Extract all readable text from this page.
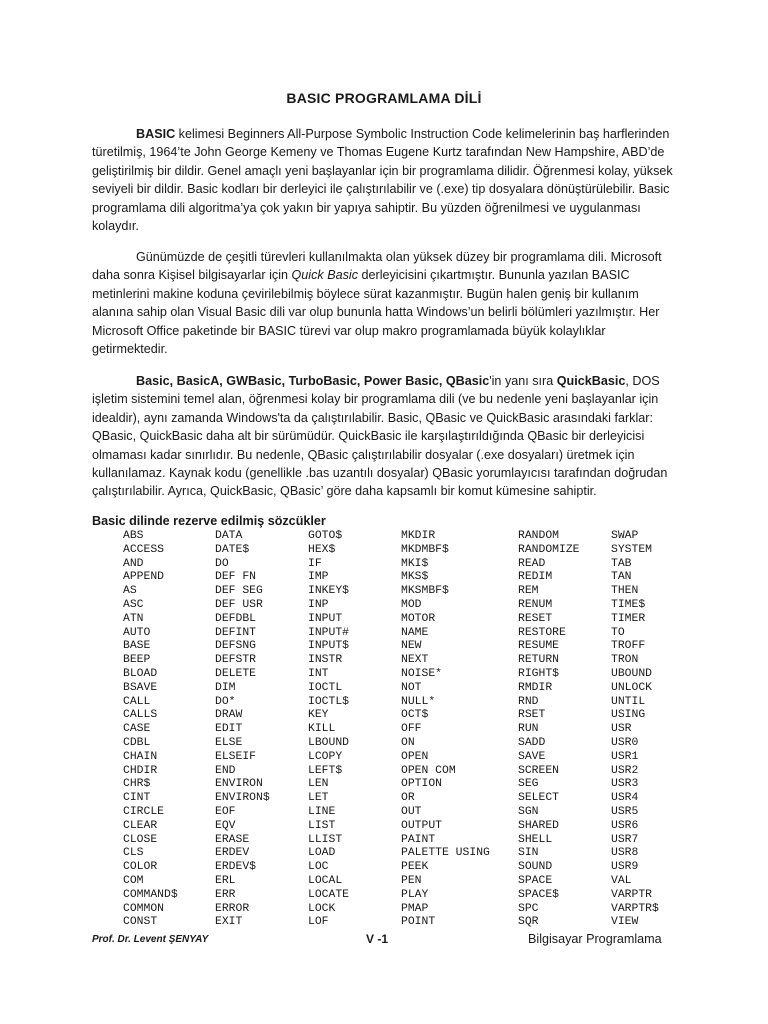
BASIC PROGRAMLAMA DİLİ

BASIC kelimesi Beginners All-Purpose Symbolic Instruction Code kelimelerinin baş harflerinden türetilmiş, 1964’te John George Kemeny ve Thomas Eugene Kurtz tarafından New Hampshire, ABD’de geliştirilmiş bir dildir. Genel amaçlı yeni başlayanlar için bir programlama dilidir. Öğrenmesi kolay, yüksek seviyeli bir dildir. Basic kodları bir derleyici ile çalıştırılabilir ve (.exe) tip dosyalara dönüştürülebilir. Basic programlama dili algoritma’ya çok yakın bir yapıya sahiptir. Bu yüzden öğrenilmesi ve uygulanması kolaydır.

Günümüzde de çeşitli türevleri kullanılmakta olan yüksek düzey bir programlama dili. Microsoft daha sonra Kişisel bilgisayarlar için Quick Basic derleyicisini çıkartmıştır. Bununla yazılan BASIC metinlerini makine koduna çevirilebilmiş böylece sürat kazanmıştır. Bugün halen geniş bir kullanım alanına sahip olan Visual Basic dili var olup bununla hatta Windows’un belirli bölümleri yazılmıştır. Her Microsoft Office paketinde bir BASIC türevi var olup makro programlamada büyük kolaylıklar getirmektedir.

Basic, BasicA, GWBasic, TurboBasic, Power Basic, QBasic'in yanı sıra QuickBasic, DOS işletim sistemini temel alan, öğrenmesi kolay bir programlama dili (ve bu nedenle yeni başlayanlar için idealdir), aynı zamanda Windows'ta da çalıştırılabilir. Basic, QBasic ve QuickBasic arasındaki farklar: QBasic, QuickBasic daha alt bir sürümüdür. QuickBasic ile karşılaştırıldığında QBasic bir derleyicisi olmaması kadar sınırlıdır. Bu nedenle, QBasic çalıştırılabilir dosyalar (.exe dosyaları) üretmek için kullanılamaz. Kaynak kodu (genellikle .bas uzantılı dosyalar) QBasic yorumlayıcısı tarafından doğrudan çalıştırılabilir. Ayrıca, QuickBasic, QBasic’ göre daha kapsamlı bir komut kümesine sahiptir.

Basic dilinde rezerve edilmiş sözcükler
ABS	DATA	GOTO$	MKDIR	RANDOM	SWAP
ACCESS	DATE$	HEX$	MKDMBF$	RANDOMIZE	SYSTEM
AND	DO	IF	MKI$	READ	TAB
APPEND	DEF FN	IMP	MKS$	REDIM	TAN
AS	DEF SEG	INKEY$	MKSMBF$	REM	THEN
ASC	DEF USR	INP	MOD	RENUM	TIME$
ATN	DEFDBL	INPUT	MOTOR	RESET	TIMER
AUTO	DEFINT	INPUT#	NAME	RESTORE	TO
BASE	DEFSNG	INPUT$	NEW	RESUME	TROFF
BEEP	DEFSTR	INSTR	NEXT	RETURN	TRON
BLOAD	DELETE	INT	NOISE*	RIGHT$	UBOUND
BSAVE	DIM	IOCTL	NOT	RMDIR	UNLOCK
CALL	DO*	IOCTL$	NULL*	RND	UNTIL
CALLS	DRAW	KEY	OCT$	RSET	USING
CASE	EDIT	KILL	OFF	RUN	USR
CDBL	ELSE	LBOUND	ON	SADD	USR0
CHAIN	ELSEIF	LCOPY	OPEN	SAVE	USR1
CHDIR	END	LEFT$	OPEN COM	SCREEN	USR2
CHR$	ENVIRON	LEN	OPTION	SEG	USR3
CINT	ENVIRON$	LET	OR	SELECT	USR4
CIRCLE	EOF	LINE	OUT	SGN	USR5
CLEAR	EQV	LIST	OUTPUT	SHARED	USR6
CLOSE	ERASE	LLIST	PAINT	SHELL	USR7
CLS	ERDEV	LOAD	PALETTE USING	SIN	USR8
COLOR	ERDEV$	LOC	PEEK	SOUND	USR9
COM	ERL	LOCAL	PEN	SPACE	VAL
COMMAND$	ERR	LOCATE	PLAY	SPACE$	VARPTR
COMMON	ERROR	LOCK	PMAP	SPC	VARPTR$
CONST	EXIT	LOF	POINT	SQR	VIEW
Prof. Dr. Levent ŞENYAY	V -1	Bilgisayar Programlama
